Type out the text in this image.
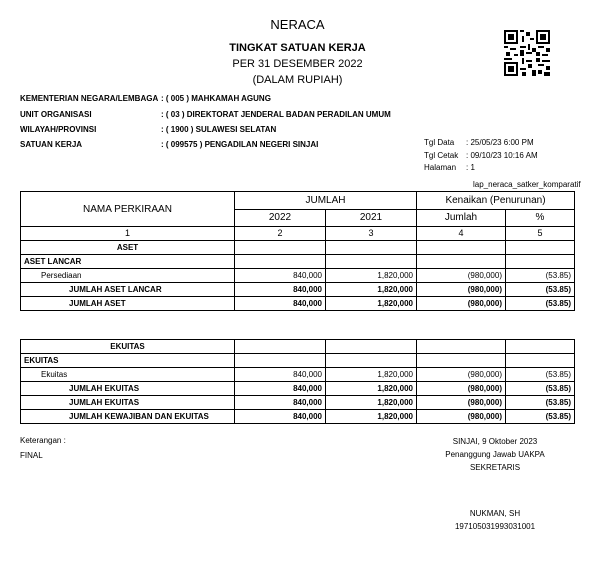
NERACA
TINGKAT SATUAN KERJA
PER 31 DESEMBER 2022
(DALAM RUPIAH)
KEMENTERIAN NEGARA/LEMBAGA : ( 005 ) MAHKAMAH AGUNG
UNIT ORGANISASI	: ( 03 ) DIREKTORAT JENDERAL BADAN PERADILAN UMUM
WILAYAH/PROVINSI	: ( 1900 ) SULAWESI SELATAN
SATUAN KERJA	: ( 099575 ) PENGADILAN NEGERI SINJAI	Tgl Data : 25/05/23 6:00 PM
Tgl Cetak : 09/10/23 10:16 AM
Halaman : 1
lap_neraca_satker_komparatif
NAMA PERKIRAAN	JUMLAH		Kenaikan (Penurunan)	
	2022	2021	Jumlah	%
1	2	3	4	5
ASET				
ASET LANCAR				
Persediaan	840,000	1,820,000	(980,000)	(53.85)
JUMLAH ASET LANCAR	840,000	1,820,000	(980,000)	(53.85)
JUMLAH ASET	840,000	1,820,000	(980,000)	(53.85)
EKUITAS				
EKUITAS				
Ekuitas	840,000	1,820,000	(980,000)	(53.85)
JUMLAH EKUITAS	840,000	1,820,000	(980,000)	(53.85)
JUMLAH EKUITAS	840,000	1,820,000	(980,000)	(53.85)
JUMLAH KEWAJIBAN DAN EKUITAS	840,000	1,820,000	(980,000)	(53.85)
Keterangan :
FINAL
SINJAI, 9 Oktober 2023
Penanggung Jawab UAKPA
SEKRETARIS
NUKMAN, SH
197105031993031001
